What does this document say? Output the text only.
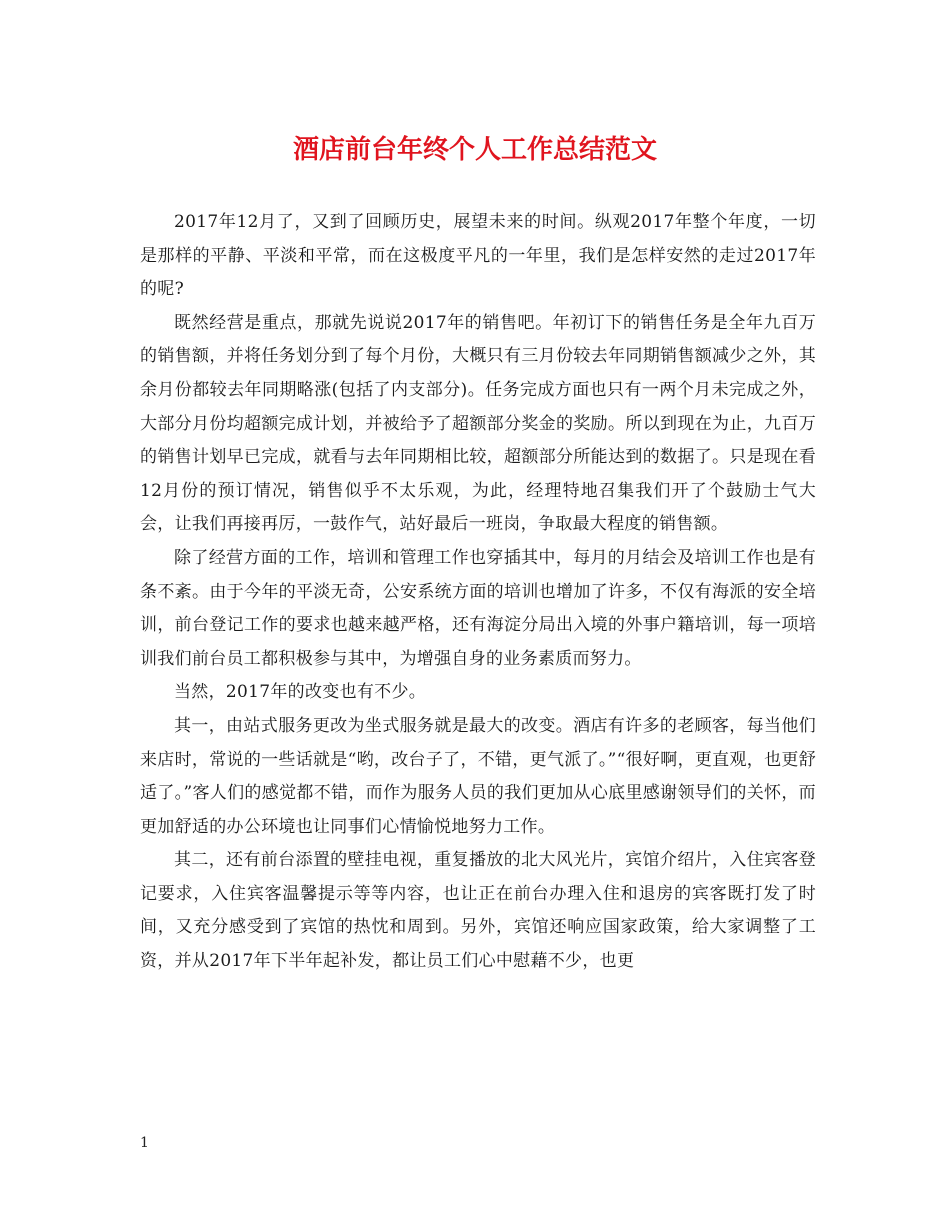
酒店前台年终个人工作总结范文

2017年12月了，又到了回顾历史，展望未来的时间。纵观2017年整个年度，一切是那样的平静、平淡和平常，而在这极度平凡的一年里，我们是怎样安然的走过2017年的呢?

既然经营是重点，那就先说说2017年的销售吧。年初订下的销售任务是全年九百万的销售额，并将任务划分到了每个月份，大概只有三月份较去年同期销售额减少之外，其余月份都较去年同期略涨(包括了内支部分)。任务完成方面也只有一两个月未完成之外，大部分月份均超额完成计划，并被给予了超额部分奖金的奖励。所以到现在为止，九百万的销售计划早已完成，就看与去年同期相比较，超额部分所能达到的数据了。只是现在看12月份的预订情况，销售似乎不太乐观，为此，经理特地召集我们开了个鼓励士气大会，让我们再接再厉，一鼓作气，站好最后一班岗，争取最大程度的销售额。

除了经营方面的工作，培训和管理工作也穿插其中，每月的月结会及培训工作也是有条不紊。由于今年的平淡无奇，公安系统方面的培训也增加了许多，不仅有海派的安全培训，前台登记工作的要求也越来越严格，还有海淀分局出入境的外事户籍培训，每一项培训我们前台员工都积极参与其中，为增强自身的业务素质而努力。

当然，2017年的改变也有不少。

其一，由站式服务更改为坐式服务就是最大的改变。酒店有许多的老顾客，每当他们来店时，常说的一些话就是“哟，改台子了，不错，更气派了。”“很好啊，更直观，也更舒适了。”客人们的感觉都不错，而作为服务人员的我们更加从心底里感谢领导们的关怀，而更加舒适的办公环境也让同事们心情愉悦地努力工作。

其二，还有前台添置的壁挂电视，重复播放的北大风光片，宾馆介绍片，入住宾客登记要求，入住宾客温馨提示等等内容，也让正在前台办理入住和退房的宾客既打发了时间，又充分感受到了宾馆的热忱和周到。另外，宾馆还响应国家政策，给大家调整了工资，并从2017年下半年起补发，都让员工们心中慰藉不少，也更

1
